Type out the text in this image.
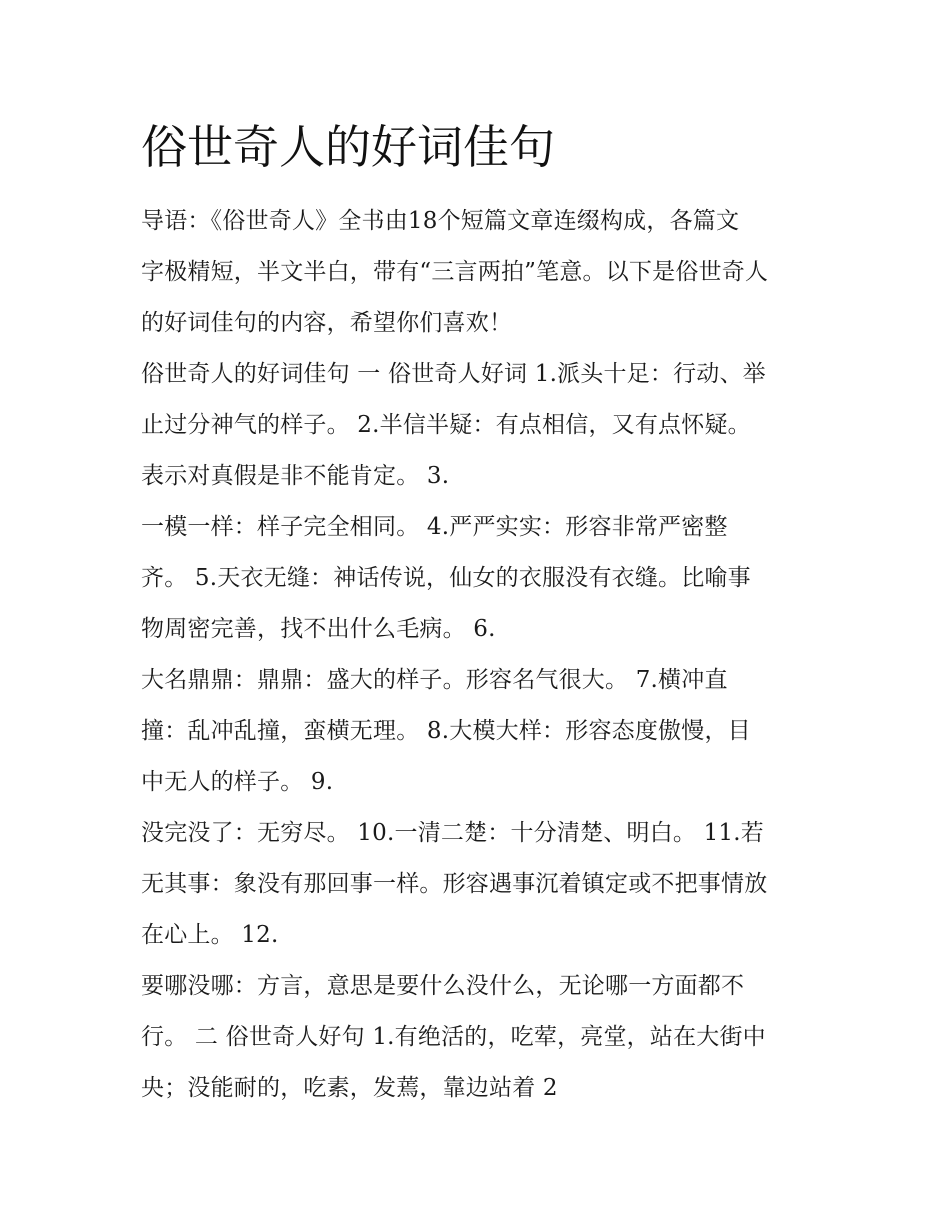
俗世奇人的好词佳句
导语：《俗世奇人》全书由18个短篇文章连缀构成，各篇文
字极精短，半文半白，带有“三言两拍”笔意。以下是俗世奇人
的好词佳句的内容，希望你们喜欢！
俗世奇人的好词佳句 一 俗世奇人好词 1.派头十足：行动、举
止过分神气的样子。 2.半信半疑：有点相信，又有点怀疑。
表示对真假是非不能肯定。 3.
一模一样：样子完全相同。 4.严严实实：形容非常严密整
齐。 5.天衣无缝：神话传说，仙女的衣服没有衣缝。比喻事
物周密完善，找不出什么毛病。 6.
大名鼎鼎：鼎鼎：盛大的样子。形容名气很大。 7.横冲直
撞：乱冲乱撞，蛮横无理。 8.大模大样：形容态度傲慢，目
中无人的样子。 9.
没完没了：无穷尽。 10.一清二楚：十分清楚、明白。 11.若
无其事：象没有那回事一样。形容遇事沉着镇定或不把事情放
在心上。 12.
要哪没哪：方言，意思是要什么没什么，无论哪一方面都不
行。 二 俗世奇人好句 1.有绝活的，吃荤，亮堂，站在大街中
央；没能耐的，吃素，发蔫，靠边站着 2
